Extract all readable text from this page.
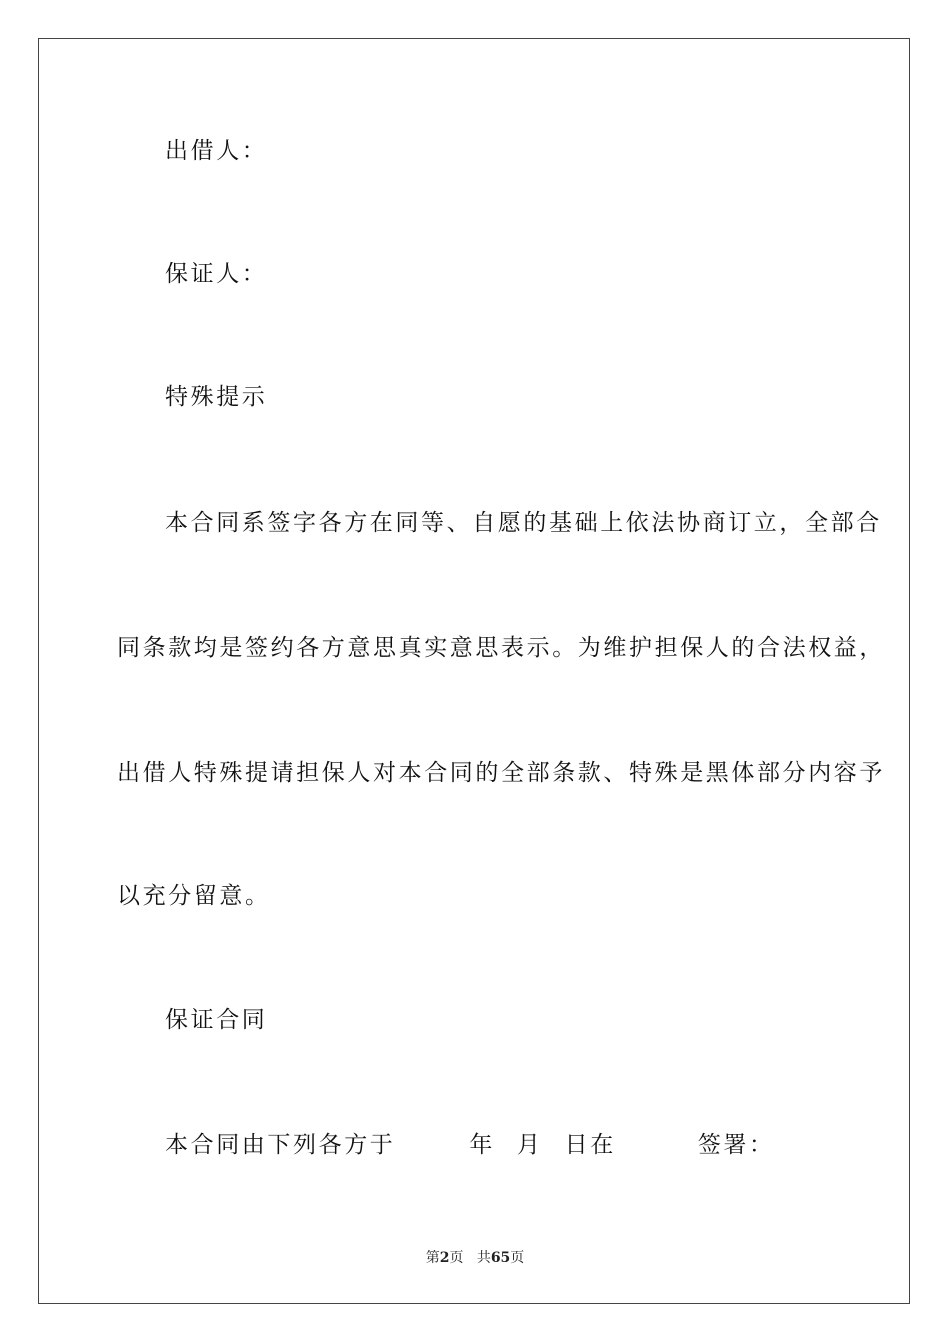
出借人：
保证人：
特殊提示
本合同系签字各方在同等、自愿的基础上依法协商订立，全部合
同条款均是签约各方意思真实意思表示。为维护担保人的合法权益，
出借人特殊提请担保人对本合同的全部条款、特殊是黑体部分内容予
以充分留意。
保证合同
本合同由下列各方于	年 月 日在	签署：
第2页 共65页
